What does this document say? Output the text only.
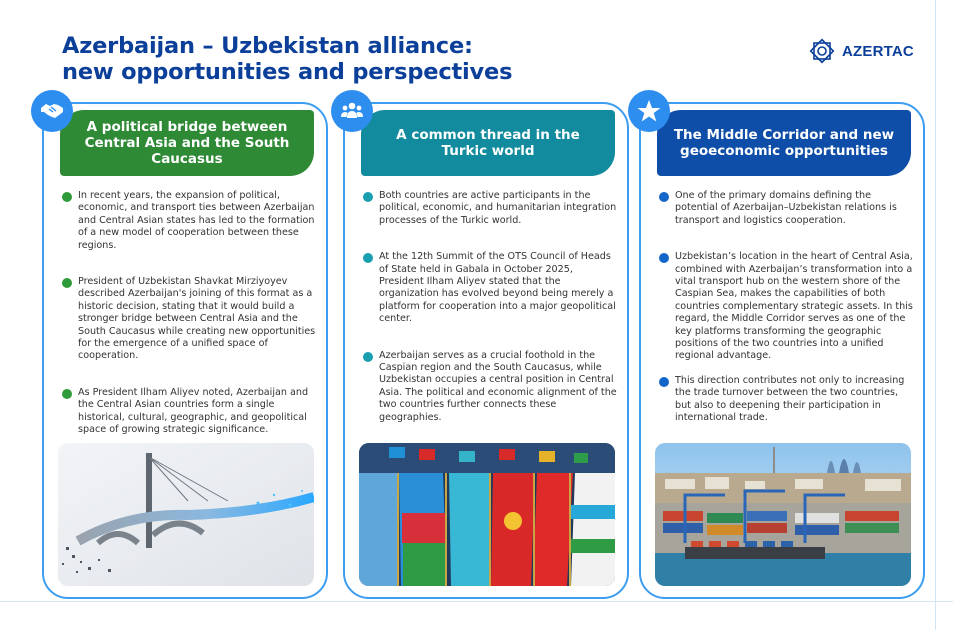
Azerbaijan – Uzbekistan alliance:
new opportunities and perspectives
AZERTAC
A political bridge between Central Asia and the South Caucasus
In recent years, the expansion of political, economic, and transport ties between Azerbaijan and Central Asian states has led to the formation of a new model of cooperation between these regions.
President of Uzbekistan Shavkat Mirziyoyev described Azerbaijan's joining of this format as a historic decision, stating that it would build a stronger bridge between Central Asia and the South Caucasus while creating new opportunities for the emergence of a unified space of cooperation.
As President Ilham Aliyev noted, Azerbaijan and the Central Asian countries form a single historical, cultural, geographic, and geopolitical space of growing strategic significance.
A common thread in the Turkic world
Both countries are active participants in the political, economic, and humanitarian integration processes of the Turkic world.
At the 12th Summit of the OTS Council of Heads of State held in Gabala in October 2025, President Ilham Aliyev stated that the organization has evolved beyond being merely a platform for cooperation into a major geopolitical center.
Azerbaijan serves as a crucial foothold in the Caspian region and the South Caucasus, while Uzbekistan occupies a central position in Central Asia. The political and economic alignment of the two countries further connects these geographies.
The Middle Corridor and new geoeconomic opportunities
One of the primary domains defining the potential of Azerbaijan–Uzbekistan relations is transport and logistics cooperation.
Uzbekistan’s location in the heart of Central Asia, combined with Azerbaijan’s transformation into a vital transport hub on the western shore of the Caspian Sea, makes the capabilities of both countries complementary strategic assets. In this regard, the Middle Corridor serves as one of the key platforms transforming the geographic positions of the two countries into a unified regional advantage.
This direction contributes not only to increasing the trade turnover between the two countries, but also to deepening their participation in international trade.
